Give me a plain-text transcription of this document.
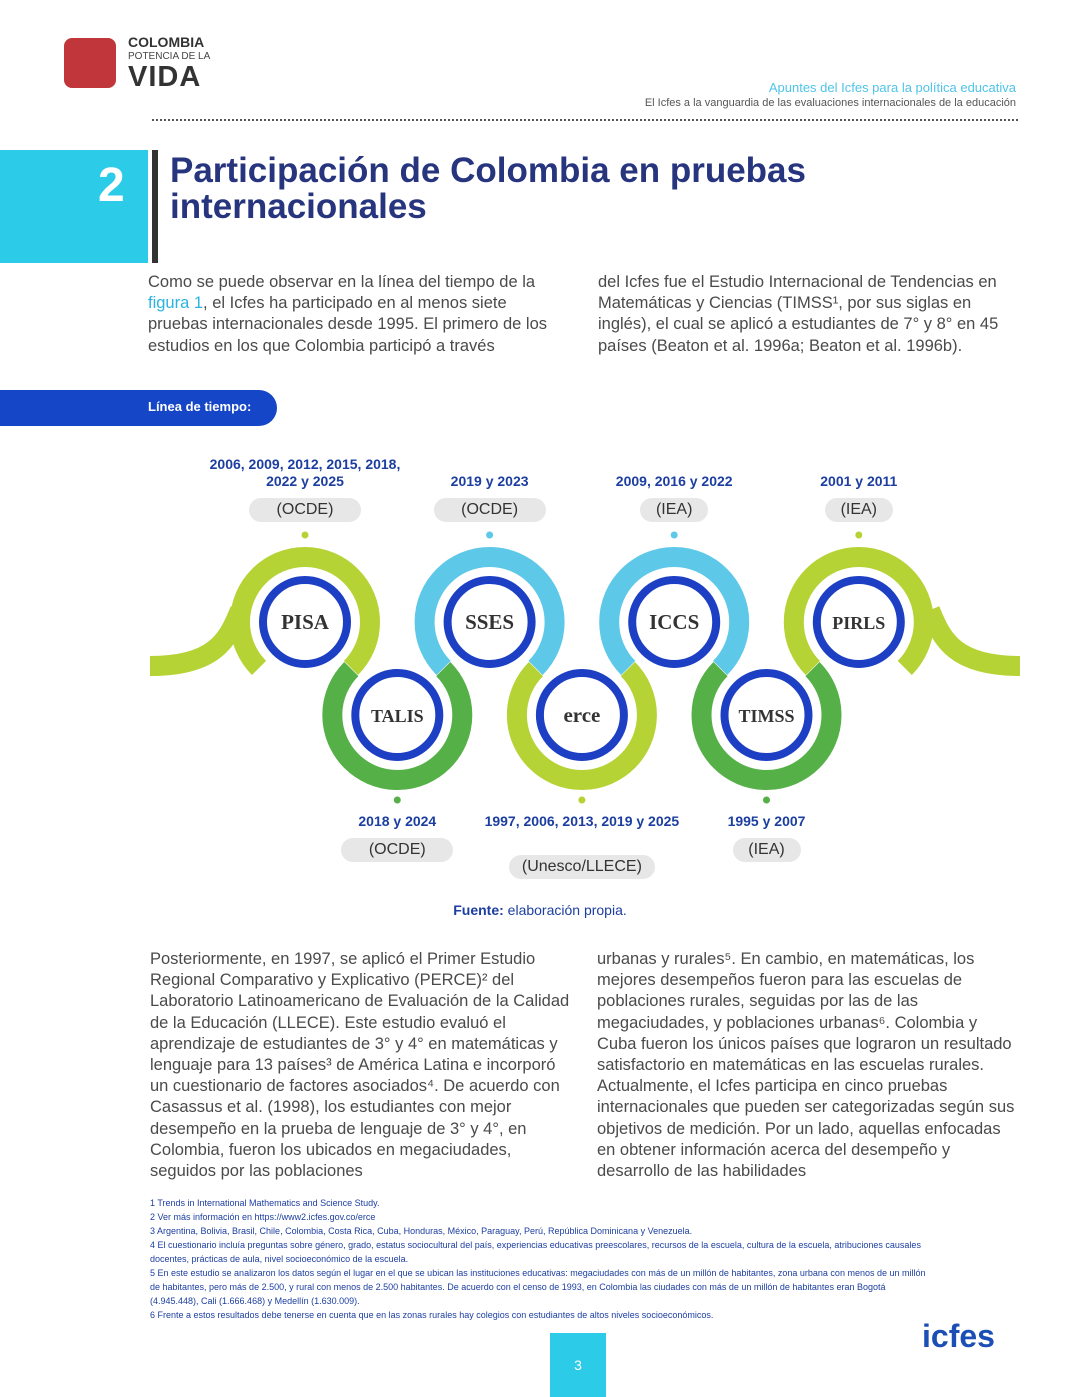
COLOMBIA
POTENCIA DE LA
VIDA	Apuntes del Icfes para la política educativa
El Icfes a la vanguardia de las evaluaciones internacionales de la educación
2 Participación de Colombia en pruebas internacionales
Como se puede observar en la línea del tiempo de la figura 1, el Icfes ha participado en al menos siete pruebas internacionales desde 1995. El primero de los estudios en los que Colombia participó a través
del Icfes fue el Estudio Internacional de Tendencias en Matemáticas y Ciencias (TIMSS¹, por sus siglas en inglés), el cual se aplicó a estudiantes de 7° y 8° en 45 países (Beaton et al. 1996a; Beaton et al. 1996b).
Línea de tiempo:
PISA
TALIS
SSES
erce
ICCS
TIMSS
PIRLS
2006, 2009, 2012, 2015, 2018, 2022 y 2025
(OCDE)
2018 y 2024
(OCDE)
2019 y 2023
(OCDE)
1997, 2006, 2013, 2019 y 2025
(Unesco/LLECE)
2009, 2016 y 2022
(IEA)
1995 y 2007
(IEA)
2001 y 2011
(IEA)
Fuente: elaboración propia.
Posteriormente, en 1997, se aplicó el Primer Estudio Regional Comparativo y Explicativo (PERCE)² del Laboratorio Latinoamericano de Evaluación de la Calidad de la Educación (LLECE). Este estudio evaluó el aprendizaje de estudiantes de 3° y 4° en matemáticas y lenguaje para 13 países³ de América Latina e incorporó un cuestionario de factores asociados⁴. De acuerdo con Casassus et al. (1998), los estudiantes con mejor desempeño en la prueba de lenguaje de 3° y 4°, en Colombia, fueron los ubicados en megaciudades, seguidos por las poblaciones
urbanas y rurales⁵. En cambio, en matemáticas, los mejores desempeños fueron para las escuelas de poblaciones rurales, seguidas por las de las megaciudades, y poblaciones urbanas⁶. Colombia y Cuba fueron los únicos países que lograron un resultado satisfactorio en matemáticas en las escuelas rurales. Actualmente, el Icfes participa en cinco pruebas internacionales que pueden ser categorizadas según sus objetivos de medición. Por un lado, aquellas enfocadas en obtener información acerca del desempeño y desarrollo de las habilidades
1 Trends in International Mathematics and Science Study.
2 Ver más información en https://www2.icfes.gov.co/erce
3 Argentina, Bolivia, Brasil, Chile, Colombia, Costa Rica, Cuba, Honduras, México, Paraguay, Perú, República Dominicana y Venezuela.
4 El cuestionario incluía preguntas sobre género, grado, estatus sociocultural del país, experiencias educativas preescolares, recursos de la escuela, cultura de la escuela, atribuciones causales docentes, prácticas de aula, nivel socioeconómico de la escuela.
5 En este estudio se analizaron los datos según el lugar en el que se ubican las instituciones educativas: megaciudades con más de un millón de habitantes, zona urbana con menos de un millón de habitantes, pero más de 2.500, y rural con menos de 2.500 habitantes. De acuerdo con el censo de 1993, en Colombia las ciudades con más de un millón de habitantes eran Bogotá (4.945.448), Cali (1.666.468) y Medellín (1.630.009).
6 Frente a estos resultados debe tenerse en cuenta que en las zonas rurales hay colegios con estudiantes de altos niveles socioeconómicos.
3
icfes
